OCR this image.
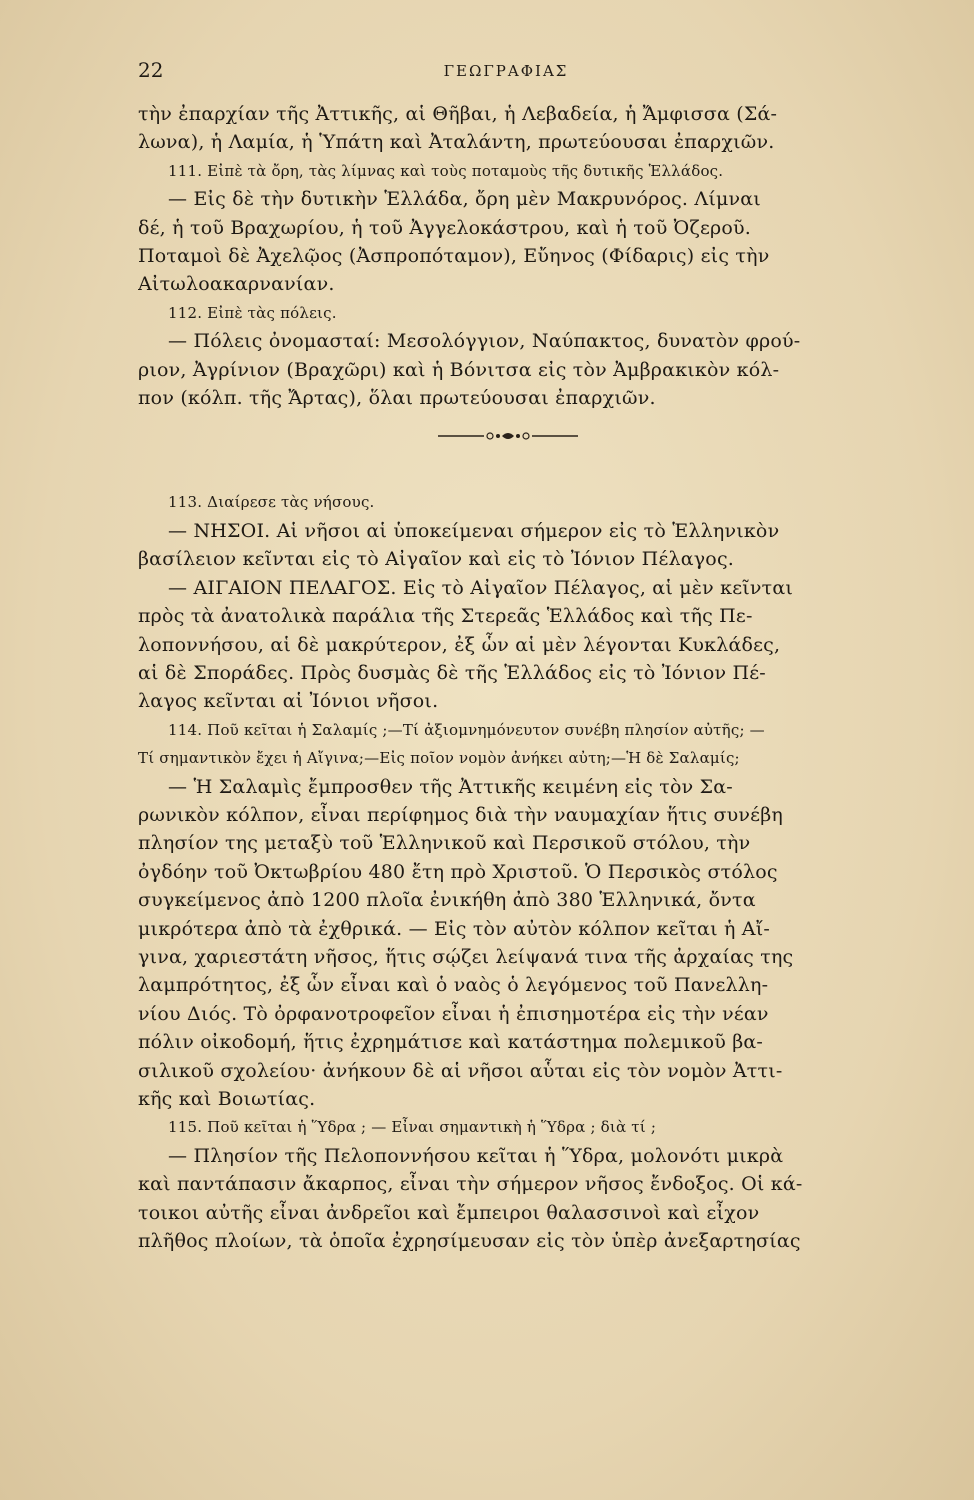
22	ΓΕΩΓΡΑΦΙΑΣ
τὴν ἐπαρχίαν τῆς Ἀττικῆς, αἱ Θῆβαι, ἡ Λεβαδεία, ἡ Ἄμφισσα (Σά-
λωνα), ἡ Λαμία, ἡ Ὑπάτη καὶ Ἀταλάντη, πρωτεύουσαι ἐπαρχιῶν.
111. Εἰπὲ τὰ ὄρη, τὰς λίμνας καὶ τοὺς ποταμοὺς τῆς δυτικῆς Ἑλλάδος.
— Εἰς δὲ τὴν δυτικὴν Ἑλλάδα, ὄρη μὲν Μακρυνόρος. Λίμναι
δέ, ἡ τοῦ Βραχωρίου, ἡ τοῦ Ἀγγελοκάστρου, καὶ ἡ τοῦ Ὀζεροῦ.
Ποταμοὶ δὲ Ἀχελῷος (Ἀσπροπόταμον), Εὔηνος (Φίδαρις) εἰς τὴν
Αἰτωλοακαρνανίαν.
112. Εἰπὲ τὰς πόλεις.
— Πόλεις ὀνομασταί: Μεσολόγγιον, Ναύπακτος, δυνατὸν φρού-
ριον, Ἀγρίνιον (Βραχῶρι) καὶ ἡ Βόνιτσα εἰς τὸν Ἀμβρακικὸν κόλ-
πον (κόλπ. τῆς Ἄρτας), ὅλαι πρωτεύουσαι ἐπαρχιῶν.
113. Διαίρεσε τὰς νήσους.
— ΝΗΣΟΙ. Αἱ νῆσοι αἱ ὑποκείμεναι σήμερον εἰς τὸ Ἑλληνικὸν
βασίλειον κεῖνται εἰς τὸ Αἰγαῖον καὶ εἰς τὸ Ἰόνιον Πέλαγος.
— ΑΙΓΑΙΟΝ ΠΕΛΑΓΟΣ. Εἰς τὸ Αἰγαῖον Πέλαγος, αἱ μὲν κεῖνται
πρὸς τὰ ἀνατολικὰ παράλια τῆς Στερεᾶς Ἑλλάδος καὶ τῆς Πε-
λοποννήσου, αἱ δὲ μακρύτερον, ἐξ ὧν αἱ μὲν λέγονται Κυκλάδες,
αἱ δὲ Σποράδες. Πρὸς δυσμὰς δὲ τῆς Ἑλλάδος εἰς τὸ Ἰόνιον Πέ-
λαγος κεῖνται αἱ Ἰόνιοι νῆσοι.
114. Ποῦ κεῖται ἡ Σαλαμίς ;—Τί ἀξιομνημόνευτον συνέβη πλησίον αὐτῆς; —
Τί σημαντικὸν ἔχει ἡ Αἴγινα;—Εἰς ποῖον νομὸν ἀνήκει αὐτη;—Ἡ δὲ Σαλαμίς;
— Ἡ Σαλαμὶς ἔμπροσθεν τῆς Ἀττικῆς κειμένη εἰς τὸν Σα-
ρωνικὸν κόλπον, εἶναι περίφημος διὰ τὴν ναυμαχίαν ἥτις συνέβη
πλησίον της μεταξὺ τοῦ Ἑλληνικοῦ καὶ Περσικοῦ στόλου, τὴν
ὀγδόην τοῦ Ὀκτωβρίου 480 ἔτη πρὸ Χριστοῦ. Ὁ Περσικὸς στόλος
συγκείμενος ἀπὸ 1200 πλοῖα ἐνικήθη ἀπὸ 380 Ἑλληνικά, ὄντα
μικρότερα ἀπὸ τὰ ἐχθρικά. — Εἰς τὸν αὐτὸν κόλπον κεῖται ἡ Αἴ-
γινα, χαριεστάτη νῆσος, ἥτις σῴζει λείψανά τινα τῆς ἀρχαίας της
λαμπρότητος, ἐξ ὧν εἶναι καὶ ὁ ναὸς ὁ λεγόμενος τοῦ Πανελλη-
νίου Διός. Τὸ ὀρφανοτροφεῖον εἶναι ἡ ἐπισημοτέρα εἰς τὴν νέαν
πόλιν οἰκοδομή, ἥτις ἐχρημάτισε καὶ κατάστημα πολεμικοῦ βα-
σιλικοῦ σχολείου· ἀνήκουν δὲ αἱ νῆσοι αὗται εἰς τὸν νομὸν Ἀττι-
κῆς καὶ Βοιωτίας.
115. Ποῦ κεῖται ἡ Ὕδρα ; — Εἶναι σημαντικὴ ἡ Ὕδρα ; διὰ τί ;
— Πλησίον τῆς Πελοποννήσου κεῖται ἡ Ὕδρα, μολονότι μικρὰ
καὶ παντάπασιν ἄκαρπος, εἶναι τὴν σήμερον νῆσος ἔνδοξος. Οἱ κά-
τοικοι αὐτῆς εἶναι ἀνδρεῖοι καὶ ἔμπειροι θαλασσινοὶ καὶ εἶχον
πλῆθος πλοίων, τὰ ὁποῖα ἐχρησίμευσαν εἰς τὸν ὑπὲρ ἀνεξαρτησίας
